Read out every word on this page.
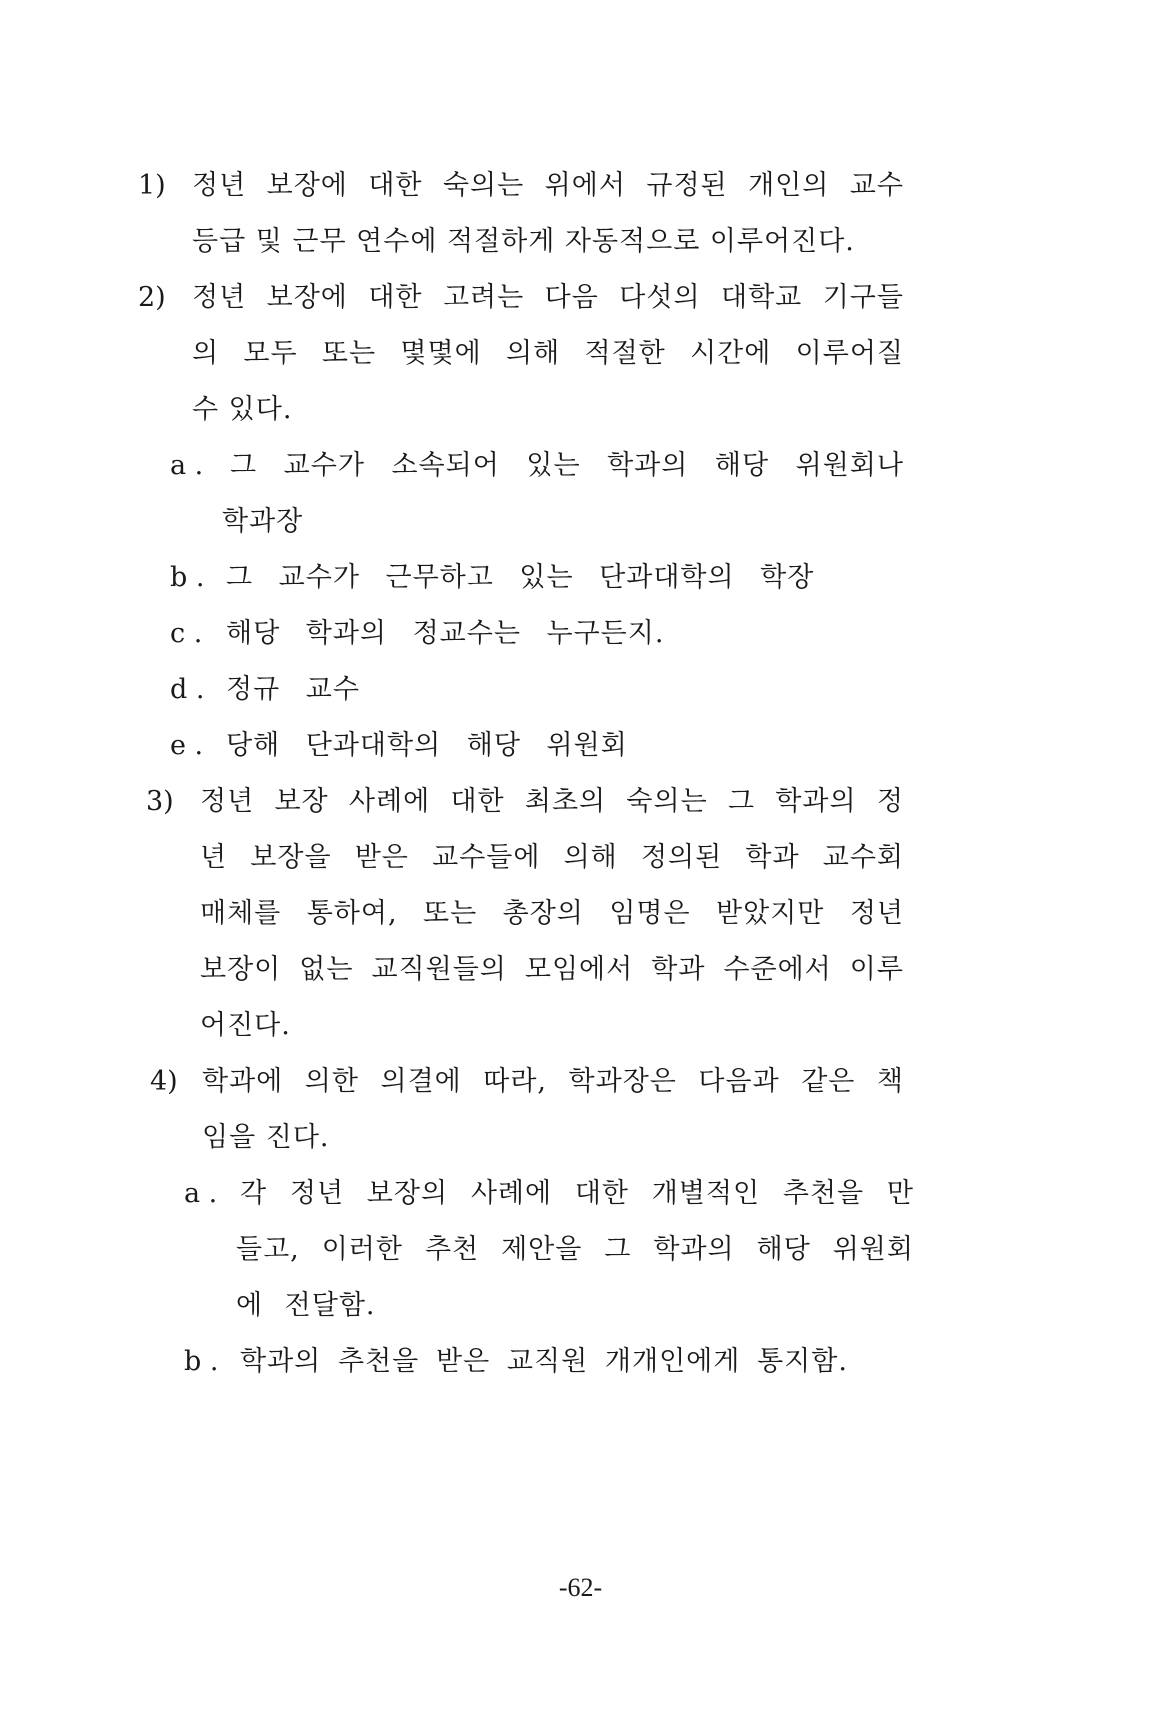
1) 정년 보장에 대한 숙의는 위에서 규정된 개인의 교수
등급 및 근무 연수에 적절하게 자동적으로 이루어진다.
2) 정년 보장에 대한 고려는 다음 다섯의 대학교 기구들
의 모두 또는 몇몇에 의해 적절한 시간에 이루어질
수 있다.
a . 그 교수가 소속되어 있는 학과의 해당 위원회나
학과장
b . 그 교수가 근무하고 있는 단과대학의 학장
c . 해당 학과의 정교수는 누구든지.
d . 정규 교수
e . 당해 단과대학의 해당 위원회
3) 정년 보장 사례에 대한 최초의 숙의는 그 학과의 정
년 보장을 받은 교수들에 의해 정의된 학과 교수회
매체를 통하여, 또는 총장의 임명은 받았지만 정년
보장이 없는 교직원들의 모임에서 학과 수준에서 이루
어진다.
4) 학과에 의한 의결에 따라, 학과장은 다음과 같은 책
임을 진다.
a . 각 정년 보장의 사례에 대한 개별적인 추천을 만
들고, 이러한 추천 제안을 그 학과의 해당 위원회
에 전달함.
b . 학과의 추천을 받은 교직원 개개인에게 통지함.
-62-
